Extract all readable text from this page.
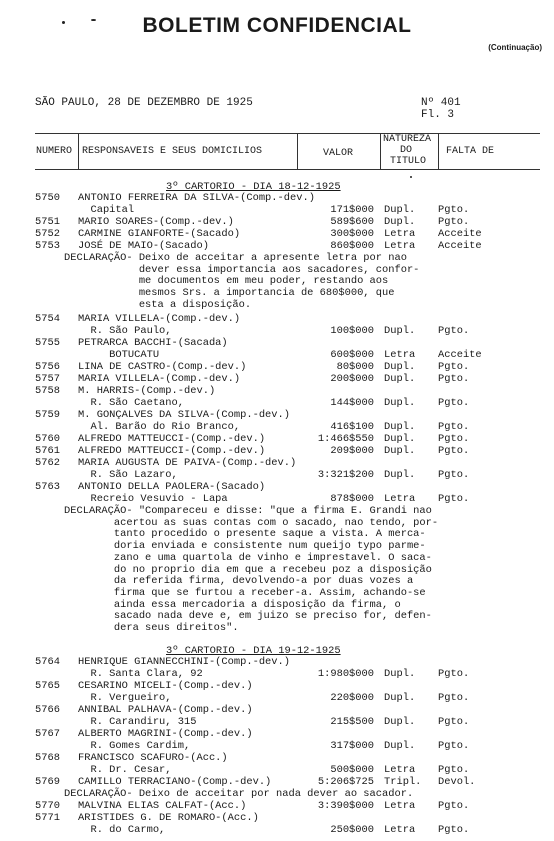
BOLETIM CONFIDENCIAL
(Continuação)
SÃO PAULO, 28 DE DEZEMBRO DE 1925	Nº 401
Fl. 3
NUMERO RESPONSAVEIS E SEUS DOMICILIOS	VALOR
NATUREZA
DO
TITULO
FALTA DE
3º CARTORIO - DIA 18-12-1925
3º CARTORIO - DIA 19-12-1925
5750 ANTONIO FERREIRA DA SILVA-(Comp.-dev.)
Capital	171$000 Dupl. Pgto.
5751 MARIO SOARES-(Comp.-dev.)	589$600 Dupl. Pgto.
5752 CARMINE GIANFORTE-(Sacado)	300$000 Letra Acceite
5753 JOSÉ DE MAIO-(Sacado)	860$000 Letra Acceite
5754 MARIA VILLELA-(Comp.-dev.)
R. São Paulo,	100$000 Dupl. Pgto.
5755 PETRARCA BACCHI-(Sacada)
BOTUCATU	600$000 Letra Acceite
5756 LINA DE CASTRO-(Comp.-dev.)	80$000 Dupl. Pgto.
5757 MARIA VILLELA-(Comp.-dev.)	200$000 Dupl. Pgto.
5758 M. HARRIS-(Comp.-dev.)
R. São Caetano,	144$000 Dupl. Pgto.
5759 M. GONÇALVES DA SILVA-(Comp.-dev.)
Al. Barão do Rio Branco,	416$100 Dupl. Pgto.
5760 ALFREDO MATTEUCCI-(Comp.-dev.)	1:466$550 Dupl. Pgto.
5761 ALFREDO MATTEUCCI-(Comp.-dev.)	209$000 Dupl. Pgto.
5762 MARIA AUGUSTA DE PAIVA-(Comp.-dev.)
R. São Lazaro,	3:321$200 Dupl. Pgto.
5763 ANTONIO DELLA PAOLERA-(Sacado)
Recreio Vesuvio - Lapa	878$000 Letra Pgto.
5764 HENRIQUE GIANNECCHINI-(Comp.-dev.)
R. Santa Clara, 92	1:980$000 Dupl. Pgto.
5765 CESARINO MICELI-(Comp.-dev.)
R. Vergueiro,	220$000 Dupl. Pgto.
5766 ANNIBAL PALHAVA-(Comp.-dev.)
R. Carandiru, 315	215$500 Dupl. Pgto.
5767 ALBERTO MAGRINI-(Comp.-dev.)
R. Gomes Cardim,	317$000 Dupl. Pgto.
5768 FRANCISCO SCAFURO-(Acc.)
R. Dr. Cesar,	500$000 Letra Pgto.
5769 CAMILLO TERRACIANO-(Comp.-dev.)	5:206$725 Tripl. Devol.
5770 MALVINA ELIAS CALFAT-(Acc.)	3:390$000 Letra Pgto.
5771 ARISTIDES G. DE ROMARO-(Acc.)
R. do Carmo,	250$000 Letra Pgto.
DECLARAÇÃO- Deixo de acceitar a apresente letra por nao
dever essa importancia aos sacadores, confor-
me documentos em meu poder, restando aos
mesmos Srs. a importancia de 680$000, que
esta a disposição.
DECLARAÇÃO- "Compareceu e disse: "que a firma E. Grandi nao
acertou as suas contas com o sacado, nao tendo, por-
tanto procedido o presente saque a vista. A merca-
doria enviada e consistente num queijo typo parme-
zano e uma quartola de vinho e imprestavel. O saca-
do no proprio dia em que a recebeu poz a disposição
da referida firma, devolvendo-a por duas vozes a
firma que se furtou a receber-a. Assim, achando-se
ainda essa mercadoria a disposição da firma, o
sacado nada deve e, em juizo se preciso for, defen-
dera seus direitos".
DECLARAÇÃO- Deixo de acceitar por nada dever ao sacador.
